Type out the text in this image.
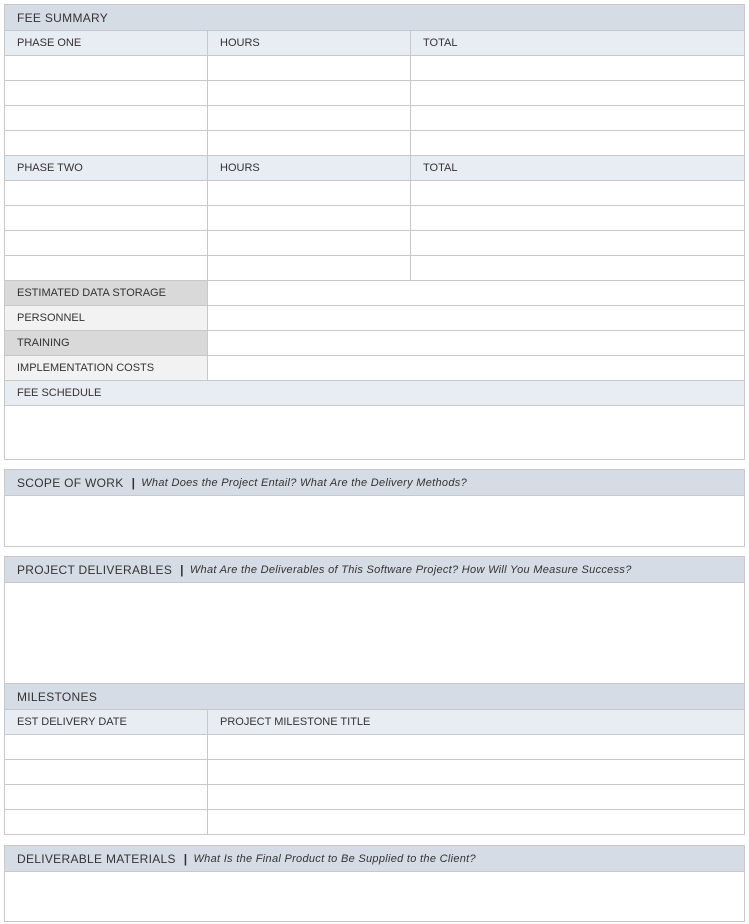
FEE SUMMARY
PHASE ONE	HOURS	TOTAL
PHASE TWO	HOURS	TOTAL
ESTIMATED DATA STORAGE
PERSONNEL
TRAINING
IMPLEMENTATION COSTS
FEE SCHEDULE
SCOPE OF WORK | What Does the Project Entail? What Are the Delivery Methods?
PROJECT DELIVERABLES | What Are the Deliverables of This Software Project? How Will You Measure Success?
MILESTONES
EST DELIVERY DATE	PROJECT MILESTONE TITLE
DELIVERABLE MATERIALS | What Is the Final Product to Be Supplied to the Client?
